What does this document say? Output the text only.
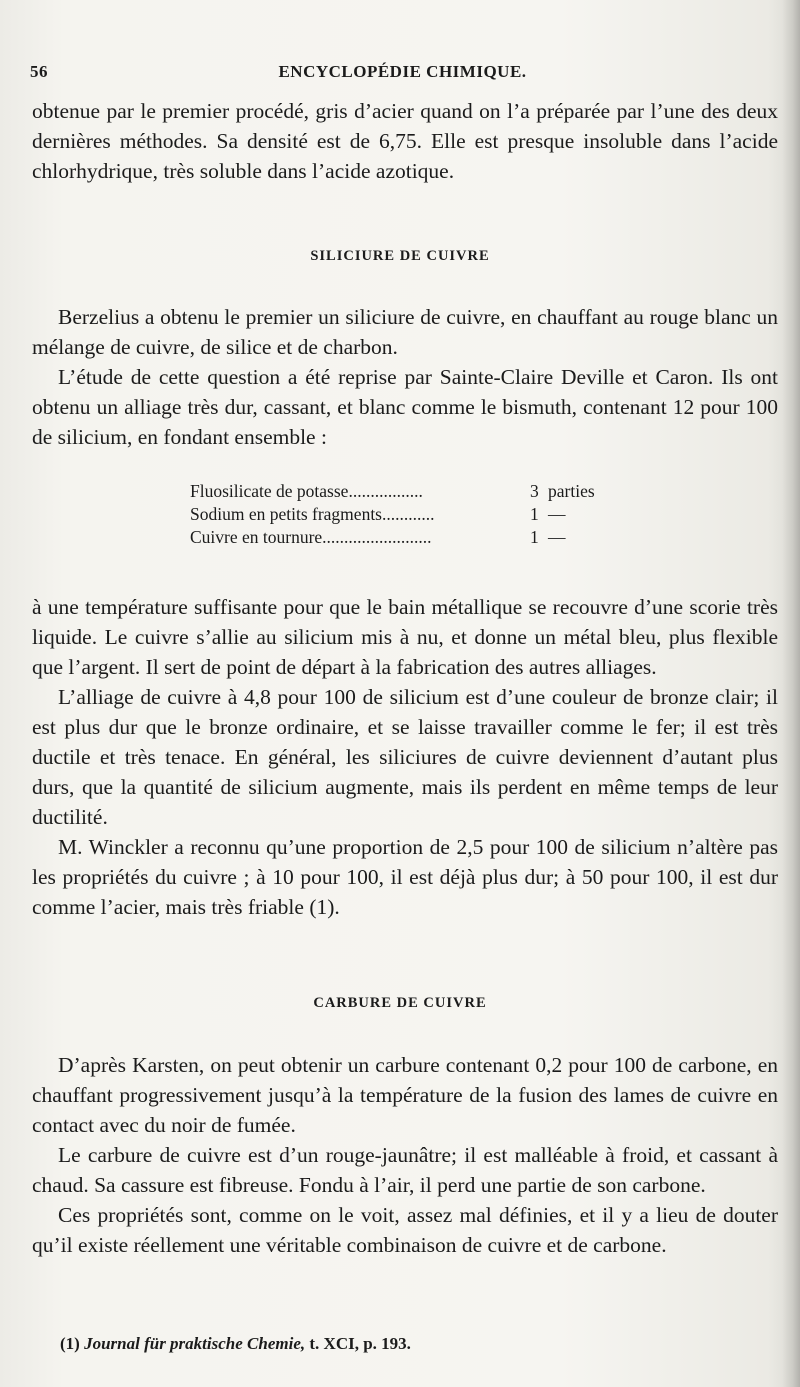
56	ENCYCLOPÉDIE CHIMIQUE.

obtenue par le premier procédé, gris d’acier quand on l’a préparée par l’une des deux dernières méthodes. Sa densité est de 6,75. Elle est presque insoluble dans l’acide chlorhydrique, très soluble dans l’acide azotique.

SILICIURE DE CUIVRE

Berzelius a obtenu le premier un siliciure de cuivre, en chauffant au rouge blanc un mélange de cuivre, de silice et de charbon.

L’étude de cette question a été reprise par Sainte-Claire Deville et Caron. Ils ont obtenu un alliage très dur, cassant, et blanc comme le bismuth, contenant 12 pour 100 de silicium, en fondant ensemble :

Fluosilicate de potasse.................	3 parties
Sodium en petits fragments............	1 —
Cuivre en tournure.........................	1 —

à une température suffisante pour que le bain métallique se recouvre d’une scorie très liquide. Le cuivre s’allie au silicium mis à nu, et donne un métal bleu, plus flexible que l’argent. Il sert de point de départ à la fabrication des autres alliages.

L’alliage de cuivre à 4,8 pour 100 de silicium est d’une couleur de bronze clair; il est plus dur que le bronze ordinaire, et se laisse travailler comme le fer; il est très ductile et très tenace. En général, les siliciures de cuivre deviennent d’autant plus durs, que la quantité de silicium augmente, mais ils perdent en même temps de leur ductilité.

M. Winckler a reconnu qu’une proportion de 2,5 pour 100 de silicium n’altère pas les propriétés du cuivre ; à 10 pour 100, il est déjà plus dur; à 50 pour 100, il est dur comme l’acier, mais très friable (1).

CARBURE DE CUIVRE

D’après Karsten, on peut obtenir un carbure contenant 0,2 pour 100 de carbone, en chauffant progressivement jusqu’à la température de la fusion des lames de cuivre en contact avec du noir de fumée.

Le carbure de cuivre est d’un rouge-jaunâtre; il est malléable à froid, et cassant à chaud. Sa cassure est fibreuse. Fondu à l’air, il perd une partie de son carbone.

Ces propriétés sont, comme on le voit, assez mal définies, et il y a lieu de douter qu’il existe réellement une véritable combinaison de cuivre et de carbone.

(1) Journal für praktische Chemie, t. XCI, p. 193.
